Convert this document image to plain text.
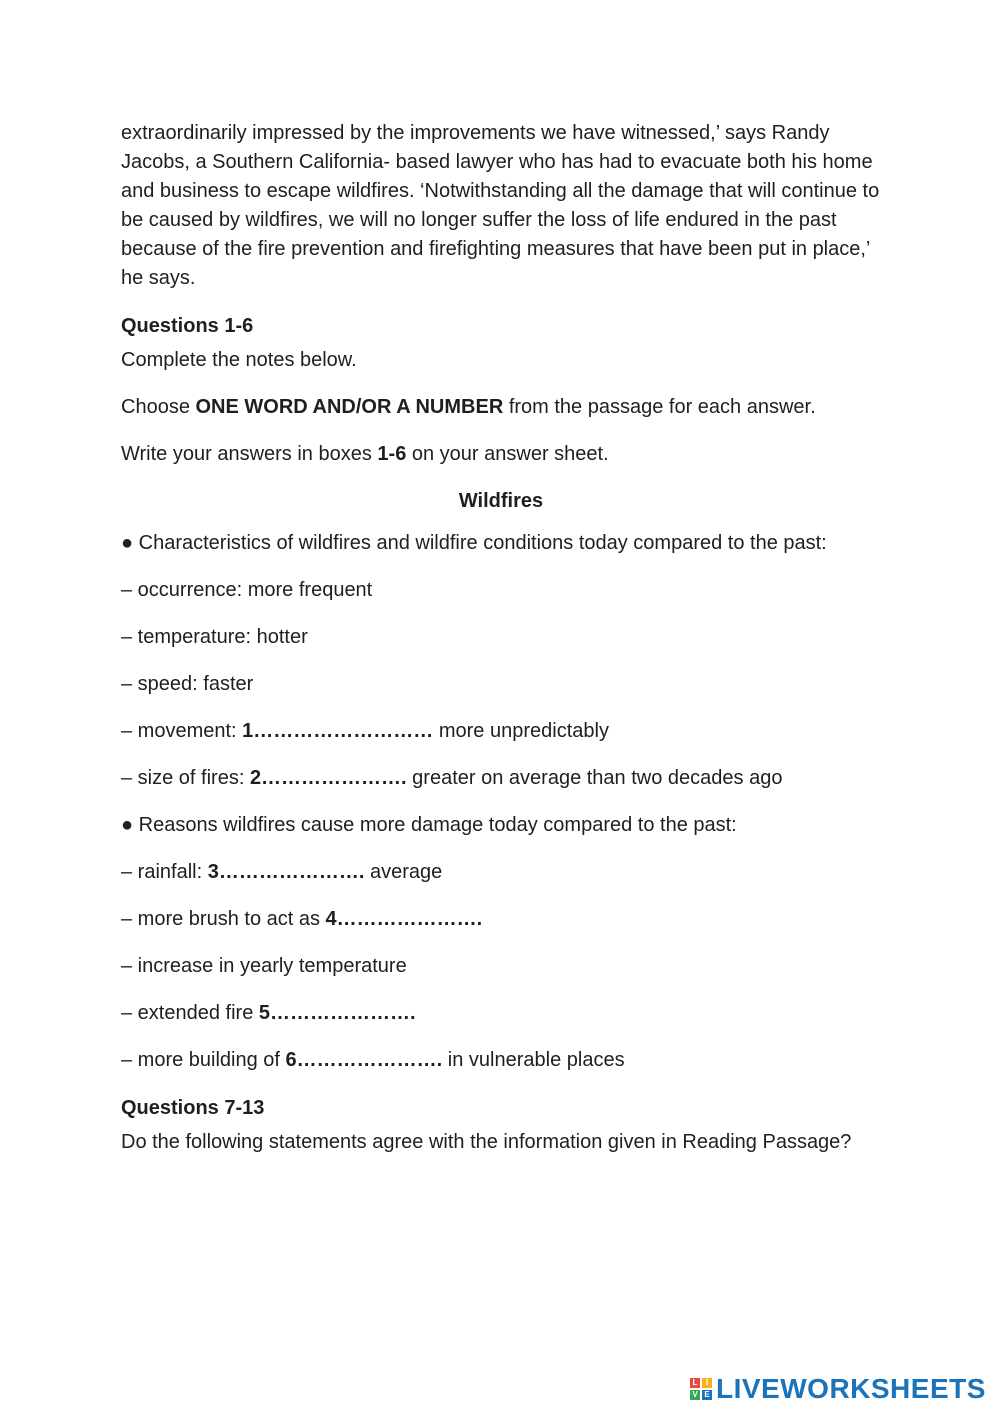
extraordinarily impressed by the improvements we have witnessed,’ says Randy Jacobs, a Southern California- based lawyer who has had to evacuate both his home and business to escape wildfires. ‘Notwithstanding all the damage that will continue to be caused by wildfires, we will no longer suffer the loss of life endured in the past because of the fire prevention and firefighting measures that have been put in place,’ he says.

Questions 1-6

Complete the notes below.

Choose ONE WORD AND/OR A NUMBER from the passage for each answer.

Write your answers in boxes 1-6 on your answer sheet.

Wildfires

● Characteristics of wildfires and wildfire conditions today compared to the past:

– occurrence: more frequent

– temperature: hotter

– speed: faster

– movement: 1……………………… more unpredictably

– size of fires: 2…………………. greater on average than two decades ago

● Reasons wildfires cause more damage today compared to the past:

– rainfall: 3…………………. average

– more brush to act as 4………………….

– increase in yearly temperature

– extended fire 5………………….

– more building of 6…………………. in vulnerable places

Questions 7-13

Do the following statements agree with the information given in Reading Passage?

L	I
V E LIVEWORKSHEETS
